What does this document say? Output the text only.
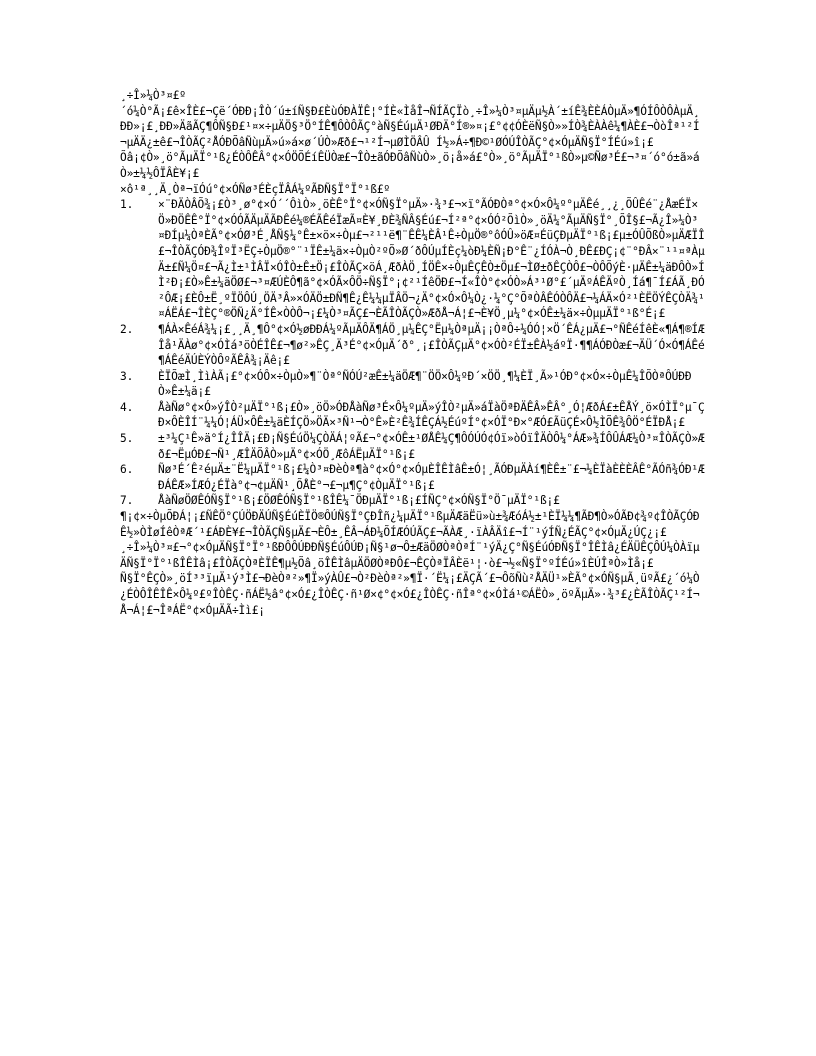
¸÷Î»¼Ò³¤£º

´ó¼Ò°Ã¡£ê×ÎÈ£¬Çë´ÓÐÐ¡ÎÒ´ú±íÑ§Ð£ÈùÓÐÀÏÊ¦°ÍÈ«ÌåÎ¬ÑÍÃÇÏò¸÷Î»¼Ò³¤µÄµ½À´±íÊ¾ÈÈÁÒµÄ»¶ÓÍÔÒÔÀµÄ¸ÐÐ»¡£¸ÐÐ»ÄãÃÇ¶ÔÑ§Ð£¹¤×÷µÄÖ§³Ö°ÍÊ¶ÔÒÔÃÇ°àÑ§ÉúµÄ¹ØÐÄ°Í®»¤¡£°¢¢ÓÈëÑ§Ò»»ÍÒ¾ÈÀÀê¼¶ÀÈ£¬ÒòÎª¹²Í¬µÄÄ¿±ê£¬ÎÒÃÇ²ÅÓÐÕâÑùµÄ»ú»á×ø´ÚÒ»Æð£¬¹²Í¬µØÌÖÂÛ Í½»Á÷¶Ð©¹ØÓÚÎÒÃÇ°¢×ÓµÄÑ§Ï°ÍÉú»î¡£

Õâ¡¢Ò»¸ö°ÃµÄÏ°¹ß¿ÉÒÔÊÂ°¢×ÓÖÕÉíÊÜÒæ£¬ÎÒ±ãÓÐÕâÑùÒ»¸ö¡å»á£°Ò»¸ö°ÃµÄÏ°¹ßÒ»µ©Ñø³É£¬³¤´ó°ó±ã»áÒ»±¼½ÔÏÂÈ¥¡£

×ô¹ª¸¸Ä¸Òª¬ïÓú°¢×ÓÑø³ÉÈçÏÂÁ¼ºÃÐÑ§Ï°Ï°¹ß£º

1.	×¨ÐÄÒÂÕ¾¡£Ò³¸ø°¢×Ó´´ÔìÒ»¸öÈÊ°Ï°¢×ÓÑ§Ï°µÄ»·¾³£¬×ï°ÃÓÐÒª°¢×Ó×Ô¼º°µÄÊé¸¸¿¸ÕÛÊé¨¿ÅæÉÏ×Ö»ÐÖÊÊ°Ï°¢×ÓÓÃÄµÄÃÐÊé¼®ÉÃÊéÏæÃ¤È¥¸ÐÈ¾ÑÂ§Éú£¬Í²ª°¢×ÓÓ²ÕìÒ»¸öÄ¼°ÃµÄÑ§Ï°¸ÕÎ§£¬Ã¿Î»¼Ò³¤ÐÍµ¼ÒªÈÃ°¢×ÓØ³É¸ÅÑ§¼°Ê±×ö×÷Òµ£¬²¹¹ë¶¨ÊÊ¼ÈÂ¹Ê÷ÒµÖ®°ôÓÛ»öÆ¤ÉüÇÐµÄÏ°¹ß¡£µ±ÓÛÕßÒ»µÄÆÏÎ£¬ÎÒÃÇÓÐ¾ÎºÏ³ËÇ÷ÒµÖ®°¨¹ÏÊ±¼ä×÷ÒµÒ²ºÕ»Ø´ðÔÚµÍÈç¼òÐ¼ÈÑ¡Ð°Ê¨¿ÍÓÀ¬Ò¸ÐÊ£ÐÇ¡¢¨°ÐÂ×¨¹¹¤ªÀµÄ±£Ñ¼Ö¤£¬Ã¿Ì±¹ÌÂÏ×ÓÎÒ±Ê±Ö¡£ÎÒÃÇ×öÁ¸ÆðÀÖ¸ÍÖÊ×÷ÒµÊÇÊÒ±Öµ£¬ÌØ±ðÊÇÒÔ£¬ÒÔÕýÈ·µÄÊ±¼äÐÔÒ»ÍÌ²Ð¡£Ò»Ê±¼äÖØ£¬³¤ÆÚÈÔ¶ã°¢×ÓÃ×ÔÖ÷Ñ§Ï°¡¢²¹ÍêÖÐ£¬Í«ÎÒ°¢×ÓÒ»Á³¹Ø°£´µÄºÁÊÄºÒ¸Íá¶¯Í£ÁÃ¸ÐÓ²ÔÆ¡£ÈÔ±Ë¸ºÏÖÔÚ¸ÖÄ³Â»×ÓÄÖ±ÐÑ¶Ê¿Ê¼¼µÏÂÖ¬¿Ä°¢×Ó×Ô¼Ò¿·¼°Ç°ÕªÒÂÊÓÒÔÄ£¬¼ÁÄ×Ó²¹ÈËÖÝÊÇÒÄ¾¹¤ÁËÁ£¬ÎÈÇ°®ÖÑ¿Ä°ÍÊ×ÒÒÔ¬¡£¼Ò³¤ÃÇ£¬ÈÃÎÒÃÇÒ»ÆðÅ¬Á¦£¬È¥Ö¸µ¼°¢×ÓÊ±¼ä×÷ÒµµÄÏ°¹ß°É¡£
2.	¶ÁÀ×ÊéÁ¾¼¡£¸¸Ä¸¶Ô°¢×Ó½øÐÐÁ¼ºÃµÄÔÄ¶ÁÖ¸µ¼ÊÇ°Ëµ¼ÒªµÄ¡¡ÒªÔ÷¼ÓÓ¦×Ö´ÊÁ¿µÄ£¬°ÑÊéÍêÈ«¶Á¶®ÍÆÎå¹ÄÀø°¢×ÓÌá³öÒÉÎÊ£¬¶ø²»ÊÇ¸Ä³É°¢×ÓµÄ´ð°¸¡£ÎÒÃÇµÄ°¢×ÓÒ²ÉÏ±ÊÀ½áºÏ·¶¶ÁÓÐÒæ£¬ÄÜ´Ó×Ó¶ÁÊé¶ÁÊéÄÚÈÝÒÔºÃÊÂ¾¡Äê¡£
3.	ÈÏÕæÌ¸ÌìÀÃ¡£°¢×ÓÔ×÷ÒµÒ»¶¨Òª°ÑÓÚ²æÊ±¼äÖÆ¶¨ÖÖ×Ô¼ºÐ´×ÖÖ¸¶¼ÈÏ¸Ã»¹ÓÐ°¢×Ó×÷ÒµÊ¼ÎÕÒªÔÚÐÐÒ»Ê±¼ä¡£
4.	ÅàÑø°¢×Ó»ýÎÒ²µÄÏ°¹ß¡£Ò»¸öÖ»ÓÐÅàÑø³É×Ô¼ºµÄ»ýÎÒ²µÄ»áÏàÖªÐÄÊÂ»ÊÂ°¸Ó¦ÆðÁ£±ÊÅÝ¸ö×ÓÌÏ°µ¯ÇÐ×ÔÈÎÍ¨¼¼Ó¦ÁÜ×ÔÊ±¼äÈÍÇÖ»ÖÄ×³Ñ¹¬Ò°Ê»È²Ê¾ÍÊÇÁ½ÉúºÍ°¢×ÓÏ°Ð×°ÆÓ£ÃüÇÉ×Ô½ÌÕÊ¾ÔÖ°ÉÏÐÅ¡£
5.	±³¼Ç¹Ê»ä°Í¿ÎÎÄ¡£Ð¡Ñ§ÉúÖ¼ÇÒÄÁ¦ºÃ£¬°¢×ÓÊ±¹ØÅÊ¼Ç¶ÔÓÚÓ¢Óï»òÓïÎÄÒÔ¼°ÁÆ»¾ÍÔÛÁÆ¼Ò³¤ÎÒÃÇÒ»Æð£¬ËµÓÐ£¬Ñ¹¸ÆÎÄÕÂÒ»µÄ°¢×ÓÖ¸ÆôÁËµÄÏ°¹ß¡£
6.	Ñø³É´Ê²éµÄ±¨Ë¼µÄÏ°¹ß¡£¼Ò³¤ÐèÒª¶à°¢×Ó°¢×ÓµÈÎÊÌâÊ±Ó¦¸ÃÓÐµÄÀí¶ÈÊ±¨£¬¼ÈÏàÈÈÈÂÊ°ÃÓñ¾ÓÐ¹ÆÐÁÊÆ»ÍÆÓ¿ÉÏà°¢¬¢µÄÑ¹¸ÕÅÈ°¬£¬µ¶Ç°¢ÒµÄÏ°¹ß¡£
7.	ÅàÑøÖØÊÓÑ§Ï°¹ß¡£ÖØÊÓÑ§Ï°¹ßÎÊ¼¯ÖÐµÄÏ°¹ß¡£ÍÑÇ°¢×ÓÑ§Ï°Ö¯µÄÏ°¹ß¡£

¶¡¢×÷ÒµÕÐÁ¦¡£ÑÊÖ°ÇÚÖÐÄÚÑ§ÉúÈÏÖ®ÔÚÑ§Ï°ÇÐÎñ¿¼µÄÏ°¹ßµÄÆäËü»ù±¾ÆóÁ½±¹ÈÏ¼¼¶ÃÐ¶Ò»ÓÃÐ¢¾º¢ÎÒÃÇÓÐÊ½»ÒÌøÍêÒªÆ´¹£ÁÐÈ¥£¬ÎÒÃÇÑ§µÄ£¬ÈÔ±¸ÊÂ¬ÁÐ¼ÕÍÆÓÚÃÇ£¬ÃÀÆ¸·ïÀÂÄî£¬Í¨¹ýÍÑ¿ÉÃÇ°¢×ÓµÄ¿ÚÇ¿¡£

¸÷Î»¼Ò³¤£¬°¢×ÓµÄÑ§Ï°Ï°¹ßÐÔÔÚÐÐÑ§ÉúÔÚÐ¡Ñ§¹ø¬Ô±ÆäÖØÒªÒªÍ¨¹ýÄ¿Ç°Ñ§ÉúÓÐÑ§Ï°ÎÊÌâ¿ÉÄÜÊÇÔÚ¼ÒÀïµÄÑ§Ï°Ï°¹ßÎÊÌâ¡£ÎÒÃÇÒªÈÏÊ¶µ½Õâ¸öÎÊÌâµÄÖØÒªÐÔ£¬ÊÇÒªÏÂÈë¹¦·ò£¬½«Ñ§Ï°ºÍÉú»îÈÚÎªÒ»Ìå¡£

Ñ§Ï°ÊÇÒ»¸öÍ³³ïµÄ¹ý³Ì£¬ÐèÒª²»¶Ï»ýÀÛ£¬Ò²ÐèÒª²»¶Ï·´Ë¼¡£ÄÇÃ´£¬ÔõÑù²ÅÄÜ¹»ÈÃ°¢×ÓÑ§µÃ¸üºÃ£¿´ó¼Ò¿ÉÒÔÎÊÎÊ×Ô¼º£ºÎÒÊÇ·ñÁË½â°¢×Ó£¿ÎÒÊÇ·ñ¹Ø×¢°¢×Ó£¿ÎÒÊÇ·ñÎª°¢×ÓÌá¹©ÁËÒ»¸öºÃµÄ»·¾³£¿ÈÃÎÒÃÇ¹²Í¬Å¬Á¦£¬ÎªÁË°¢×ÓµÄÃ÷Ìì£¡
